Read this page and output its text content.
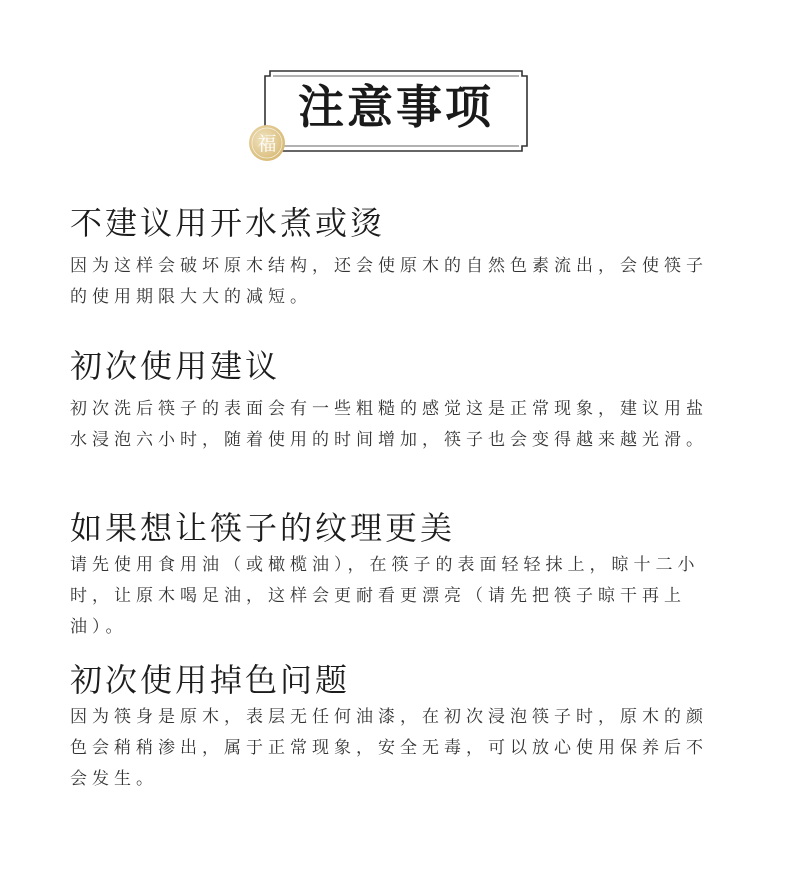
注意事项
福
不建议用开水煮或烫
因为这样会破坏原木结构，还会使原木的自然色素流出，会使筷子的使用期限大大的减短。
初次使用建议
初次洗后筷子的表面会有一些粗糙的感觉这是正常现象，建议用盐水浸泡六小时，随着使用的时间增加，筷子也会变得越来越光滑。
如果想让筷子的纹理更美
请先使用食用油（或橄榄油），在筷子的表面轻轻抹上，晾十二小时，让原木喝足油，这样会更耐看更漂亮（请先把筷子晾干再上油）。
初次使用掉色问题
因为筷身是原木，表层无任何油漆，在初次浸泡筷子时，原木的颜色会稍稍渗出，属于正常现象，安全无毒，可以放心使用保养后不会发生。
